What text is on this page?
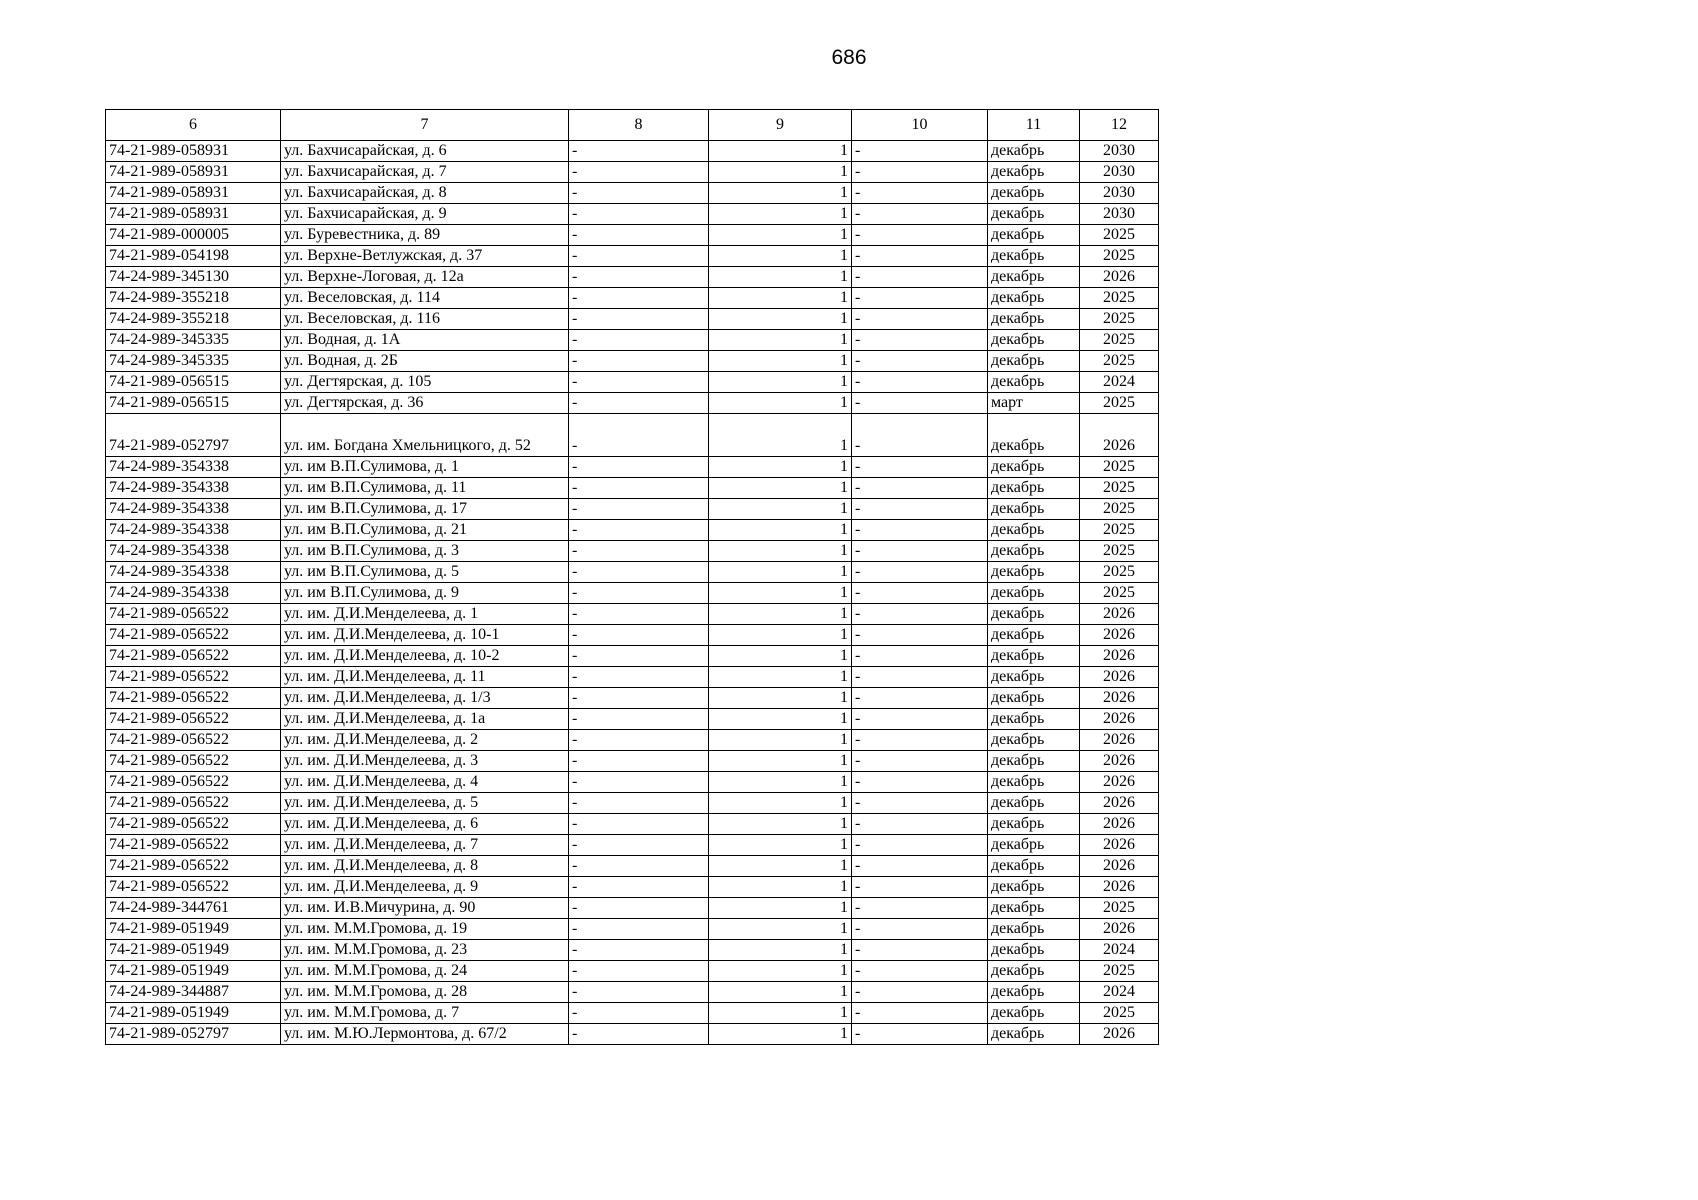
686
6	7	8	9	10	11	12
74-21-989-058931	ул. Бахчисарайская, д. 6	-	1	-	декабрь	2030
74-21-989-058931	ул. Бахчисарайская, д. 7	-	1	-	декабрь	2030
74-21-989-058931	ул. Бахчисарайская, д. 8	-	1	-	декабрь	2030
74-21-989-058931	ул. Бахчисарайская, д. 9	-	1	-	декабрь	2030
74-21-989-000005	ул. Буревестника, д. 89	-	1	-	декабрь	2025
74-21-989-054198	ул. Верхне-Ветлужская, д. 37	-	1	-	декабрь	2025
74-24-989-345130	ул. Верхне-Логовая, д. 12а	-	1	-	декабрь	2026
74-24-989-355218	ул. Веселовская, д. 114	-	1	-	декабрь	2025
74-24-989-355218	ул. Веселовская, д. 116	-	1	-	декабрь	2025
74-24-989-345335	ул. Водная, д. 1А	-	1	-	декабрь	2025
74-24-989-345335	ул. Водная, д. 2Б	-	1	-	декабрь	2025
74-21-989-056515	ул. Дегтярская, д. 105	-	1	-	декабрь	2024
74-21-989-056515	ул. Дегтярская, д. 36	-	1	-	март	2025
74-21-989-052797	ул. им. Богдана Хмельницкого, д. 52	-	1	-	декабрь	2026
74-24-989-354338	ул. им В.П.Сулимова, д. 1	-	1	-	декабрь	2025
74-24-989-354338	ул. им В.П.Сулимова, д. 11	-	1	-	декабрь	2025
74-24-989-354338	ул. им В.П.Сулимова, д. 17	-	1	-	декабрь	2025
74-24-989-354338	ул. им В.П.Сулимова, д. 21	-	1	-	декабрь	2025
74-24-989-354338	ул. им В.П.Сулимова, д. 3	-	1	-	декабрь	2025
74-24-989-354338	ул. им В.П.Сулимова, д. 5	-	1	-	декабрь	2025
74-24-989-354338	ул. им В.П.Сулимова, д. 9	-	1	-	декабрь	2025
74-21-989-056522	ул. им. Д.И.Менделеева, д. 1	-	1	-	декабрь	2026
74-21-989-056522	ул. им. Д.И.Менделеева, д. 10-1	-	1	-	декабрь	2026
74-21-989-056522	ул. им. Д.И.Менделеева, д. 10-2	-	1	-	декабрь	2026
74-21-989-056522	ул. им. Д.И.Менделеева, д. 11	-	1	-	декабрь	2026
74-21-989-056522	ул. им. Д.И.Менделеева, д. 1/3	-	1	-	декабрь	2026
74-21-989-056522	ул. им. Д.И.Менделеева, д. 1а	-	1	-	декабрь	2026
74-21-989-056522	ул. им. Д.И.Менделеева, д. 2	-	1	-	декабрь	2026
74-21-989-056522	ул. им. Д.И.Менделеева, д. 3	-	1	-	декабрь	2026
74-21-989-056522	ул. им. Д.И.Менделеева, д. 4	-	1	-	декабрь	2026
74-21-989-056522	ул. им. Д.И.Менделеева, д. 5	-	1	-	декабрь	2026
74-21-989-056522	ул. им. Д.И.Менделеева, д. 6	-	1	-	декабрь	2026
74-21-989-056522	ул. им. Д.И.Менделеева, д. 7	-	1	-	декабрь	2026
74-21-989-056522	ул. им. Д.И.Менделеева, д. 8	-	1	-	декабрь	2026
74-21-989-056522	ул. им. Д.И.Менделеева, д. 9	-	1	-	декабрь	2026
74-24-989-344761	ул. им. И.В.Мичурина, д. 90	-	1	-	декабрь	2025
74-21-989-051949	ул. им. М.М.Громова, д. 19	-	1	-	декабрь	2026
74-21-989-051949	ул. им. М.М.Громова, д. 23	-	1	-	декабрь	2024
74-21-989-051949	ул. им. М.М.Громова, д. 24	-	1	-	декабрь	2025
74-24-989-344887	ул. им. М.М.Громова, д. 28	-	1	-	декабрь	2024
74-21-989-051949	ул. им. М.М.Громова, д. 7	-	1	-	декабрь	2025
74-21-989-052797	ул. им. М.Ю.Лермонтова, д. 67/2	-	1	-	декабрь	2026
